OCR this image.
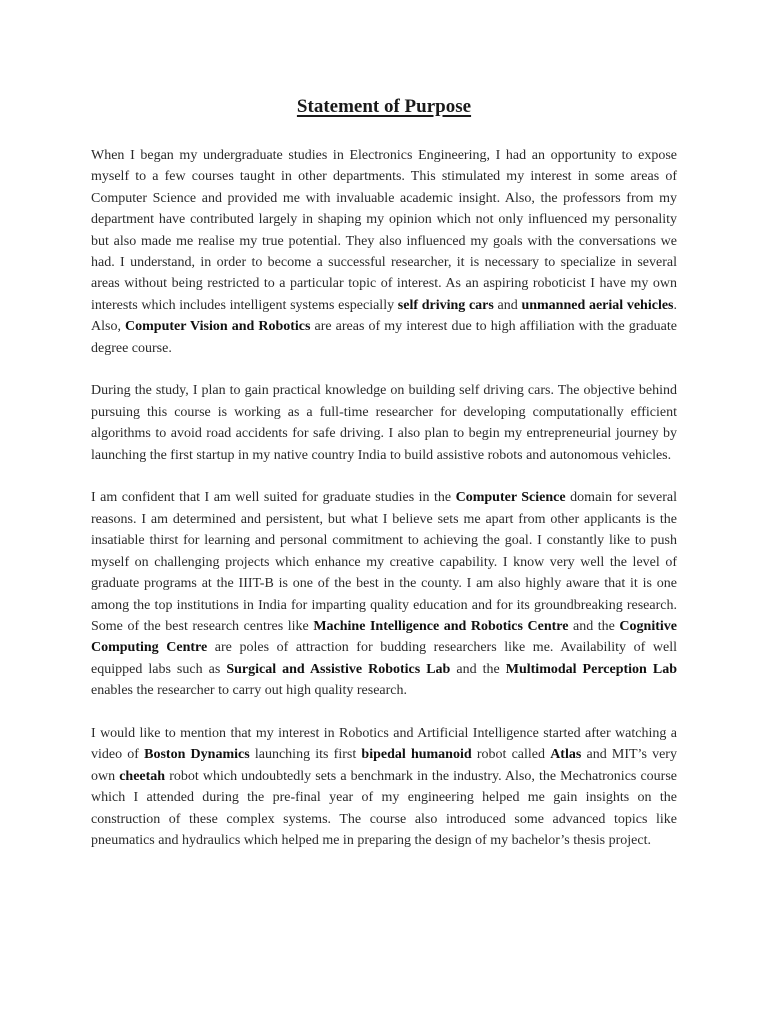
Statement of Purpose

When I began my undergraduate studies in Electronics Engineering, I had an opportunity to expose myself to a few courses taught in other departments. This stimulated my interest in some areas of Computer Science and provided me with invaluable academic insight. Also, the professors from my department have contributed largely in shaping my opinion which not only influenced my personality but also made me realise my true potential. They also influenced my goals with the conversations we had. I understand, in order to become a successful researcher, it is necessary to specialize in several areas without being restricted to a particular topic of interest. As an aspiring roboticist I have my own interests which includes intelligent systems especially self driving cars and unmanned aerial vehicles. Also, Computer Vision and Robotics are areas of my interest due to high affiliation with the graduate degree course.

During the study, I plan to gain practical knowledge on building self driving cars. The objective behind pursuing this course is working as a full-time researcher for developing computationally efficient algorithms to avoid road accidents for safe driving. I also plan to begin my entrepreneurial journey by launching the first startup in my native country India to build assistive robots and autonomous vehicles.

I am confident that I am well suited for graduate studies in the Computer Science domain for several reasons. I am determined and persistent, but what I believe sets me apart from other applicants is the insatiable thirst for learning and personal commitment to achieving the goal. I constantly like to push myself on challenging projects which enhance my creative capability. I know very well the level of graduate programs at the IIIT-B is one of the best in the county. I am also highly aware that it is one among the top institutions in India for imparting quality education and for its groundbreaking research. Some of the best research centres like Machine Intelligence and Robotics Centre and the Cognitive Computing Centre are poles of attraction for budding researchers like me. Availability of well equipped labs such as Surgical and Assistive Robotics Lab and the Multimodal Perception Lab enables the researcher to carry out high quality research.

I would like to mention that my interest in Robotics and Artificial Intelligence started after watching a video of Boston Dynamics launching its first bipedal humanoid robot called Atlas and MIT’s very own cheetah robot which undoubtedly sets a benchmark in the industry. Also, the Mechatronics course which I attended during the pre-final year of my engineering helped me gain insights on the construction of these complex systems. The course also introduced some advanced topics like pneumatics and hydraulics which helped me in preparing the design of my bachelor’s thesis project.
